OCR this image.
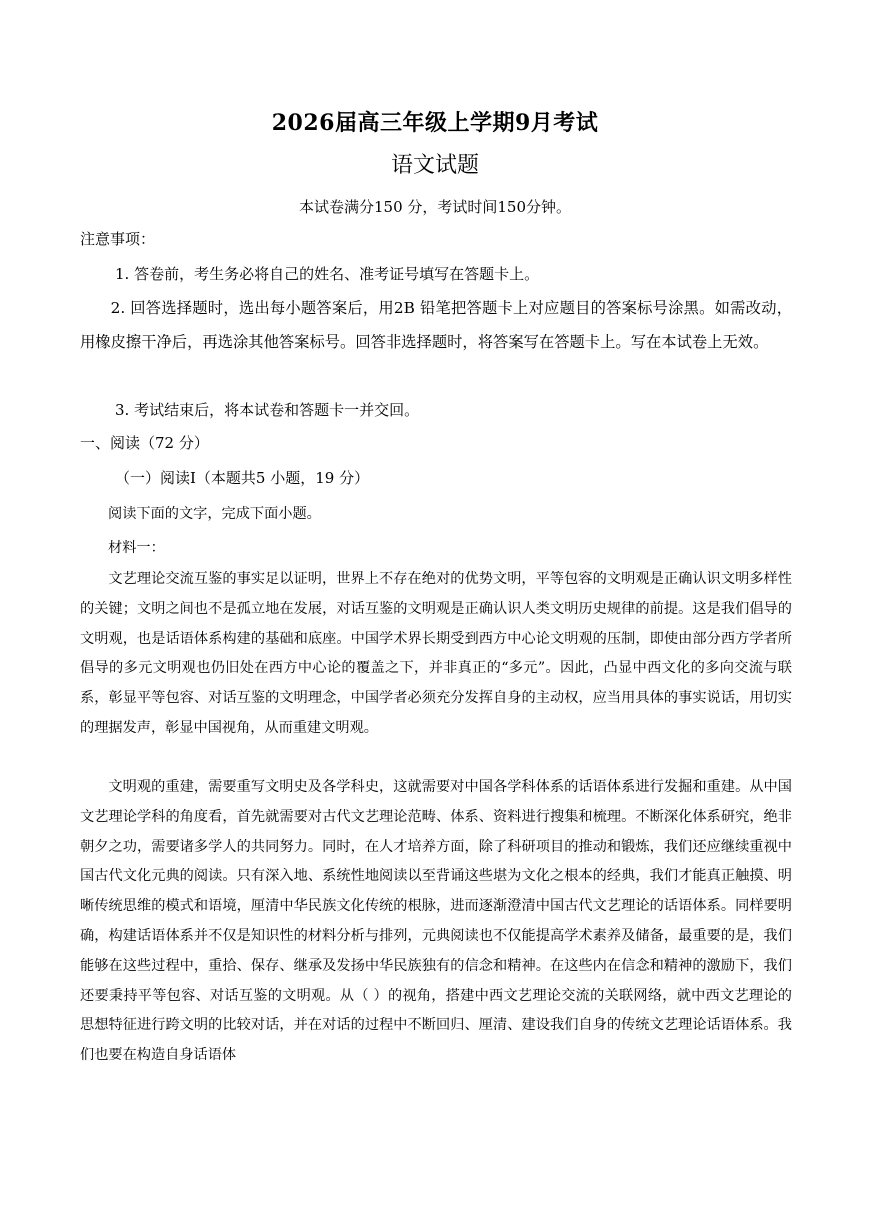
2026届高三年级上学期9月考试
语文试题
本试卷满分150 分，考试时间150分钟。
注意事项：
1. 答卷前，考生务必将自己的姓名、准考证号填写在答题卡上。
2. 回答选择题时，选出每小题答案后，用2B 铅笔把答题卡上对应题目的答案标号涂黑。如需改动，用橡皮擦干净后，再选涂其他答案标号。回答非选择题时，将答案写在答题卡上。写在本试卷上无效。
3. 考试结束后，将本试卷和答题卡一并交回。
一、阅读（72 分）
（一）阅读Ⅰ（本题共5 小题，19 分）
阅读下面的文字，完成下面小题。
材料一：
文艺理论交流互鉴的事实足以证明，世界上不存在绝对的优势文明，平等包容的文明观是正确认识文明多样性的关键；文明之间也不是孤立地在发展，对话互鉴的文明观是正确认识人类文明历史规律的前提。这是我们倡导的文明观，也是话语体系构建的基础和底座。中国学术界长期受到西方中心论文明观的压制，即使由部分西方学者所倡导的多元文明观也仍旧处在西方中心论的覆盖之下，并非真正的“多元”。因此，凸显中西文化的多向交流与联系，彰显平等包容、对话互鉴的文明理念，中国学者必须充分发挥自身的主动权，应当用具体的事实说话，用切实的理据发声，彰显中国视角，从而重建文明观。
文明观的重建，需要重写文明史及各学科史，这就需要对中国各学科体系的话语体系进行发掘和重建。从中国文艺理论学科的角度看，首先就需要对古代文艺理论范畴、体系、资料进行搜集和梳理。不断深化体系研究，绝非朝夕之功，需要诸多学人的共同努力。同时，在人才培养方面，除了科研项目的推动和锻炼，我们还应继续重视中国古代文化元典的阅读。只有深入地、系统性地阅读以至背诵这些堪为文化之根本的经典，我们才能真正触摸、明晰传统思维的模式和语境，厘清中华民族文化传统的根脉，进而逐渐澄清中国古代文艺理论的话语体系。同样要明确，构建话语体系并不仅是知识性的材料分析与排列，元典阅读也不仅能提高学术素养及储备，最重要的是，我们能够在这些过程中，重拾、保存、继承及发扬中华民族独有的信念和精神。在这些内在信念和精神的激励下，我们还要秉持平等包容、对话互鉴的文明观。从（ ）的视角，搭建中西文艺理论交流的关联网络，就中西文艺理论的思想特征进行跨文明的比较对话，并在对话的过程中不断回归、厘清、建设我们自身的传统文艺理论话语体系。我们也要在构造自身话语体
